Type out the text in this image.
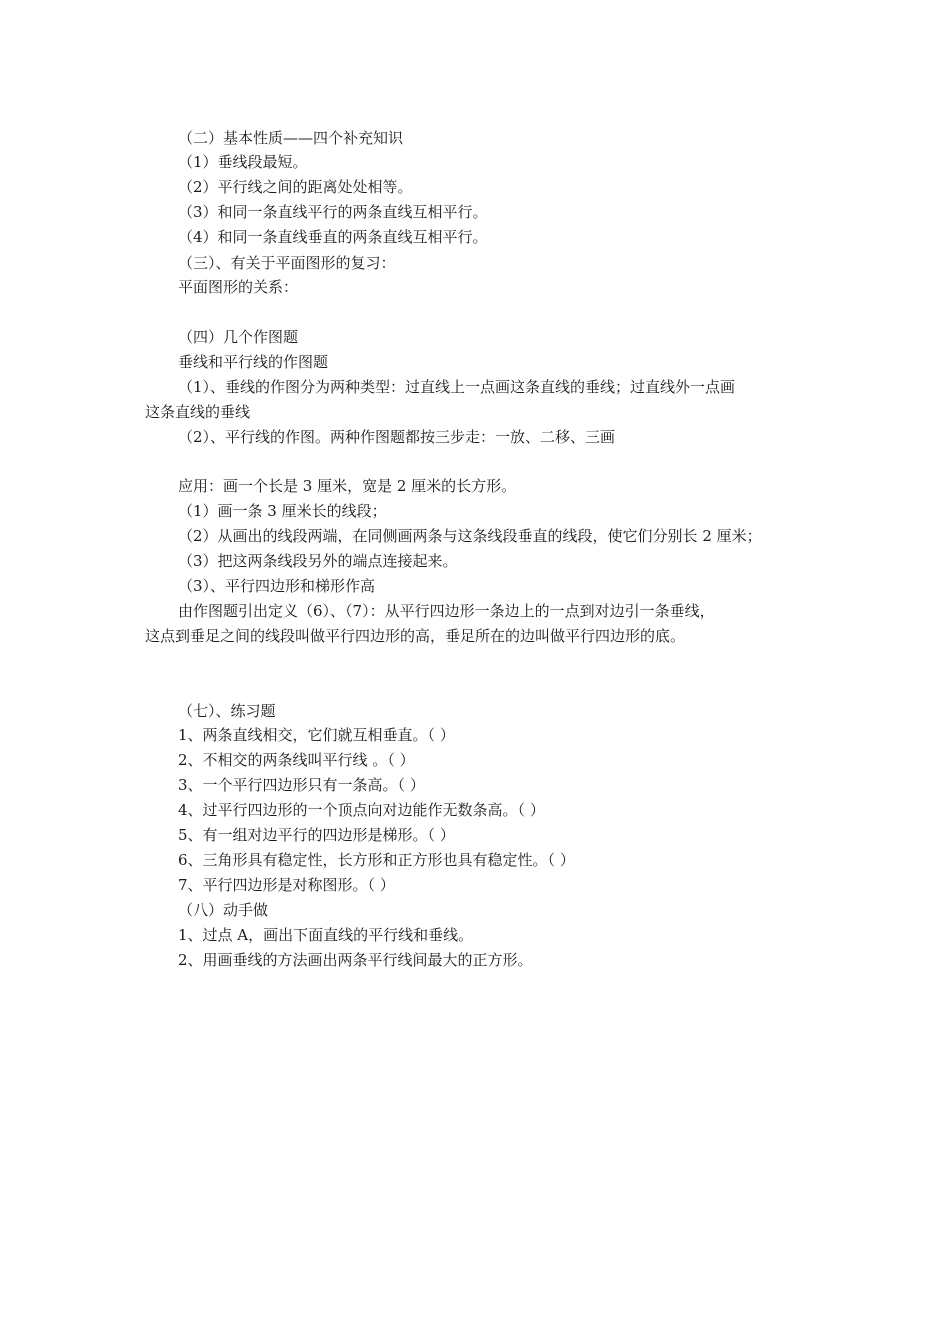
（二）基本性质——四个补充知识
（1）垂线段最短。
（2）平行线之间的距离处处相等。
（3）和同一条直线平行的两条直线互相平行。
（4）和同一条直线垂直的两条直线互相平行。
（三）、有关于平面图形的复习：
平面图形的关系：
（四）几个作图题
垂线和平行线的作图题
（1）、垂线的作图分为两种类型：过直线上一点画这条直线的垂线；过直线外一点画
这条直线的垂线
（2）、平行线的作图。两种作图题都按三步走：一放、二移、三画
应用：画一个长是 3 厘米，宽是 2 厘米的长方形。
（1）画一条 3 厘米长的线段；
（2）从画出的线段两端，在同侧画两条与这条线段垂直的线段，使它们分别长 2 厘米；
（3）把这两条线段另外的端点连接起来。
（3）、平行四边形和梯形作高
由作图题引出定义（6）、（7）：从平行四边形一条边上的一点到对边引一条垂线，
这点到垂足之间的线段叫做平行四边形的高，垂足所在的边叫做平行四边形的底。
（七）、练习题
1、两条直线相交，它们就互相垂直。（ ）
2、不相交的两条线叫平行线 。（ ）
3、一个平行四边形只有一条高。（ ）
4、过平行四边形的一个顶点向对边能作无数条高。（ ）
5、有一组对边平行的四边形是梯形。（ ）
6、三角形具有稳定性，长方形和正方形也具有稳定性。（ ）
7、平行四边形是对称图形。（ ）
（八）动手做
1、过点 A，画出下面直线的平行线和垂线。
2、用画垂线的方法画出两条平行线间最大的正方形。
